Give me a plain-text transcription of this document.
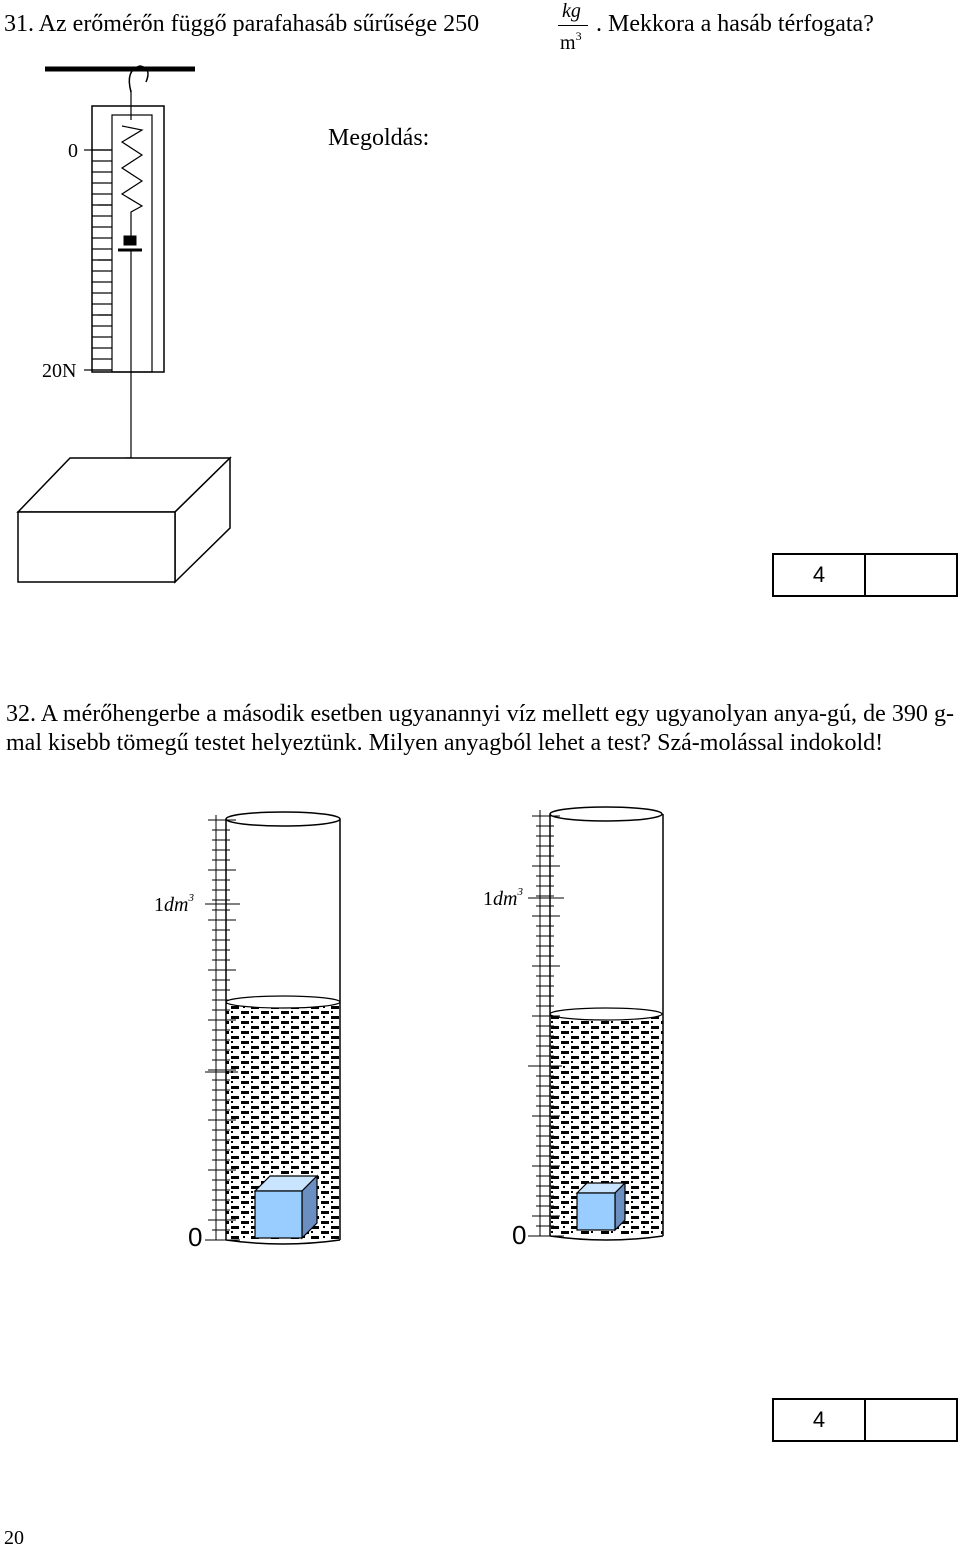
31. Az erőmérőn függő parafahasáb sűrűsége 250	kg
$m^3$ . Mekkora a hasáb térfogata?
Megoldás:
0
20N
4
32. A mérőhengerbe a második esetben ugyanannyi víz mellett egy ugyanolyan anya-gú, de 390 g-mal kisebb tömegű testet helyeztünk. Milyen anyagból lehet a test? Szá-molással indokold!
$1dm^3$
0
$1dm^3$
0
4
20
